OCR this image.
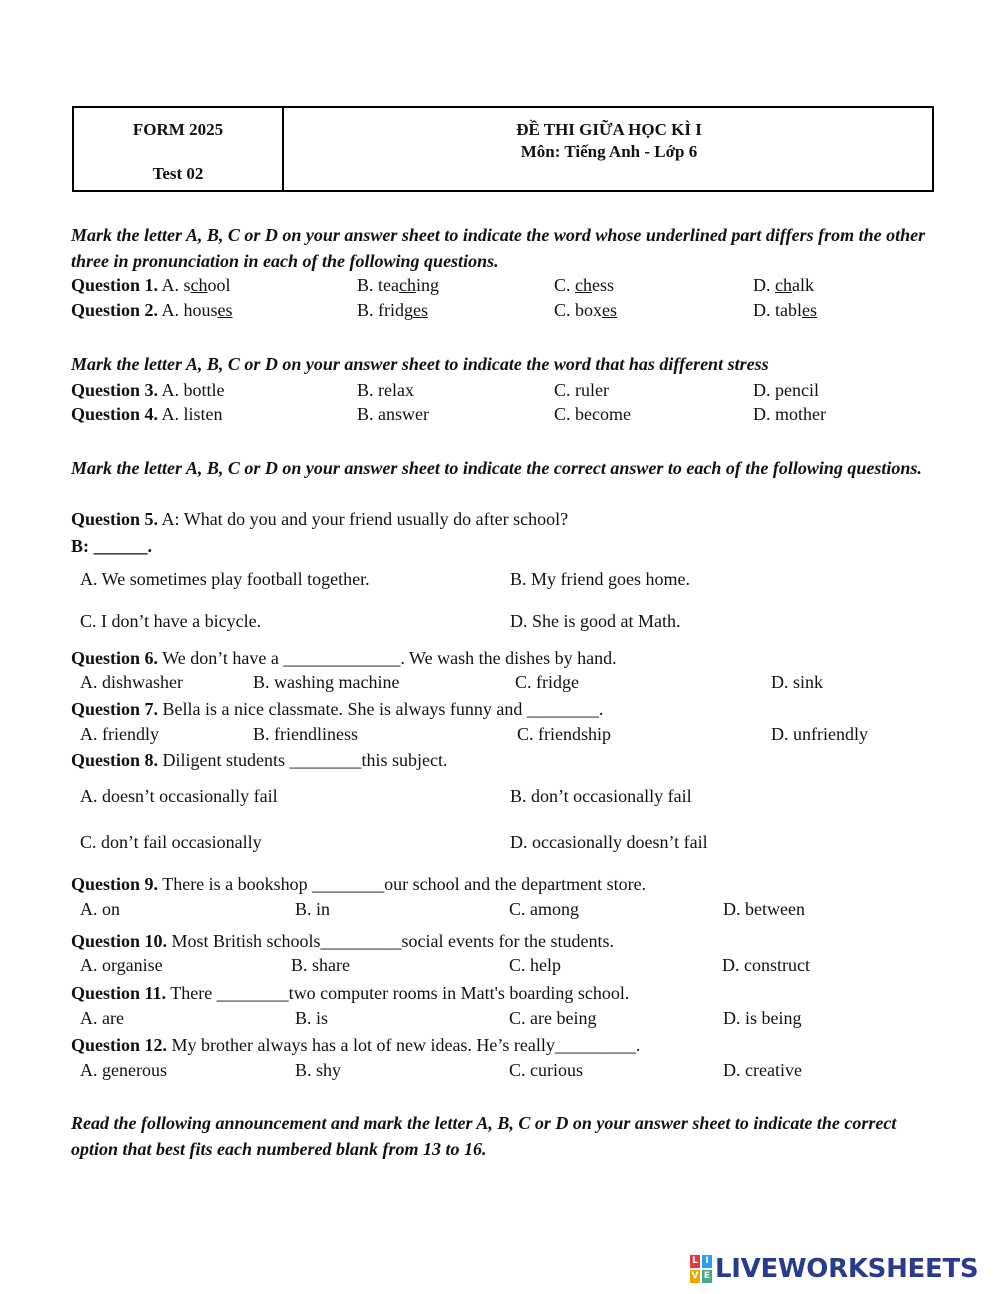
FORM 2025
Test 02
ĐỀ THI GIỮA HỌC KÌ I
Môn: Tiếng Anh - Lớp 6
Mark the letter A, B, C or D on your answer sheet to indicate the word whose underlined part differs from the other three in pronunciation in each of the following questions.
Question 1. A. school	B. teaching	C. chess	D. chalk
Question 2. A. houses	B. fridges	C. boxes	D. tables
Mark the letter A, B, C or D on your answer sheet to indicate the word that has different stress
Question 3. A. bottle	B. relax	C. ruler	D. pencil
Question 4. A. listen	B. answer	C. become	D. mother
Mark the letter A, B, C or D on your answer sheet to indicate the correct answer to each of the following questions.
Question 5. A: What do you and your friend usually do after school?
B: ______.
A. We sometimes play football together.	B. My friend goes home.
C. I don’t have a bicycle.	D. She is good at Math.
Question 6. We don’t have a _____________. We wash the dishes by hand.
A. dishwasher	B. washing machine	C. fridge	D. sink
Question 7. Bella is a nice classmate. She is always funny and ________.
A. friendly	B. friendliness	C. friendship	D. unfriendly
Question 8. Diligent students ________this subject.
A. doesn’t occasionally fail	B. don’t occasionally fail
C. don’t fail occasionally	D. occasionally doesn’t fail
Question 9. There is a bookshop ________our school and the department store.
A. on	B. in	C. among	D. between
Question 10. Most British schools_________social events for the students.
A. organise	B. share	C. help	D. construct
Question 11. There ________two computer rooms in Matt's boarding school.
A. are	B. is	C. are being	D. is being
Question 12. My brother always has a lot of new ideas. He’s really_________.
A. generous	B. shy	C. curious	D. creative
Read the following announcement and mark the letter A, B, C or D on your answer sheet to indicate the correct option that best fits each numbered blank from 13 to 16.
L I
V E LIVEWORKSHEETS
